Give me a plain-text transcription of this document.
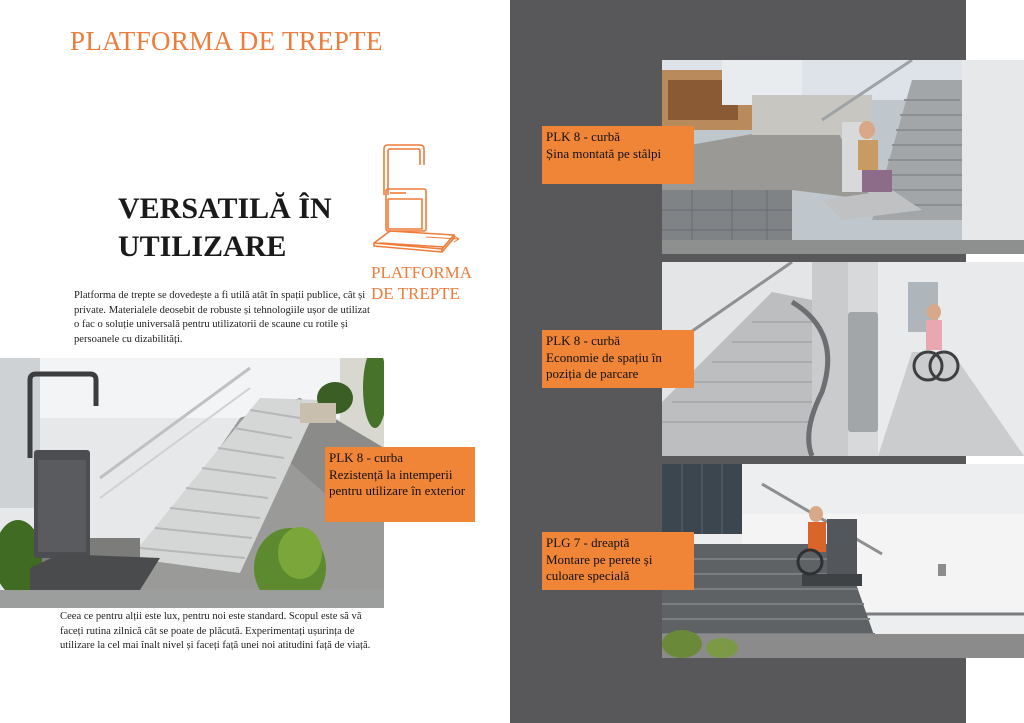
PLATFORMA DE TREPTE
VERSATILĂ ÎN
UTILIZARE
PLATFORMA
DE TREPTE
Platforma de trepte se dovedește a fi utilă atât în spații publice, cât și private. Materialele deosebit de robuste și tehnologiile ușor de utilizat o fac o soluție universală pentru utilizatorii de scaune cu rotile și persoanele cu dizabilități.
PLK 8 - curba
Rezistență la intemperii pentru utilizare în exterior
Ceea ce pentru alții este lux, pentru noi este standard. Scopul este să vă faceți rutina zilnică cât se poate de plăcută. Experimentați ușurința de utilizare la cel mai înalt nivel și faceți față unei noi atitudini față de viață.
PLK 8 - curbă
Șina montată pe stâlpi
PLK 8 - curbă
Economie de spațiu în poziția de parcare
PLG 7 - dreaptă
Montare pe perete și culoare specială
